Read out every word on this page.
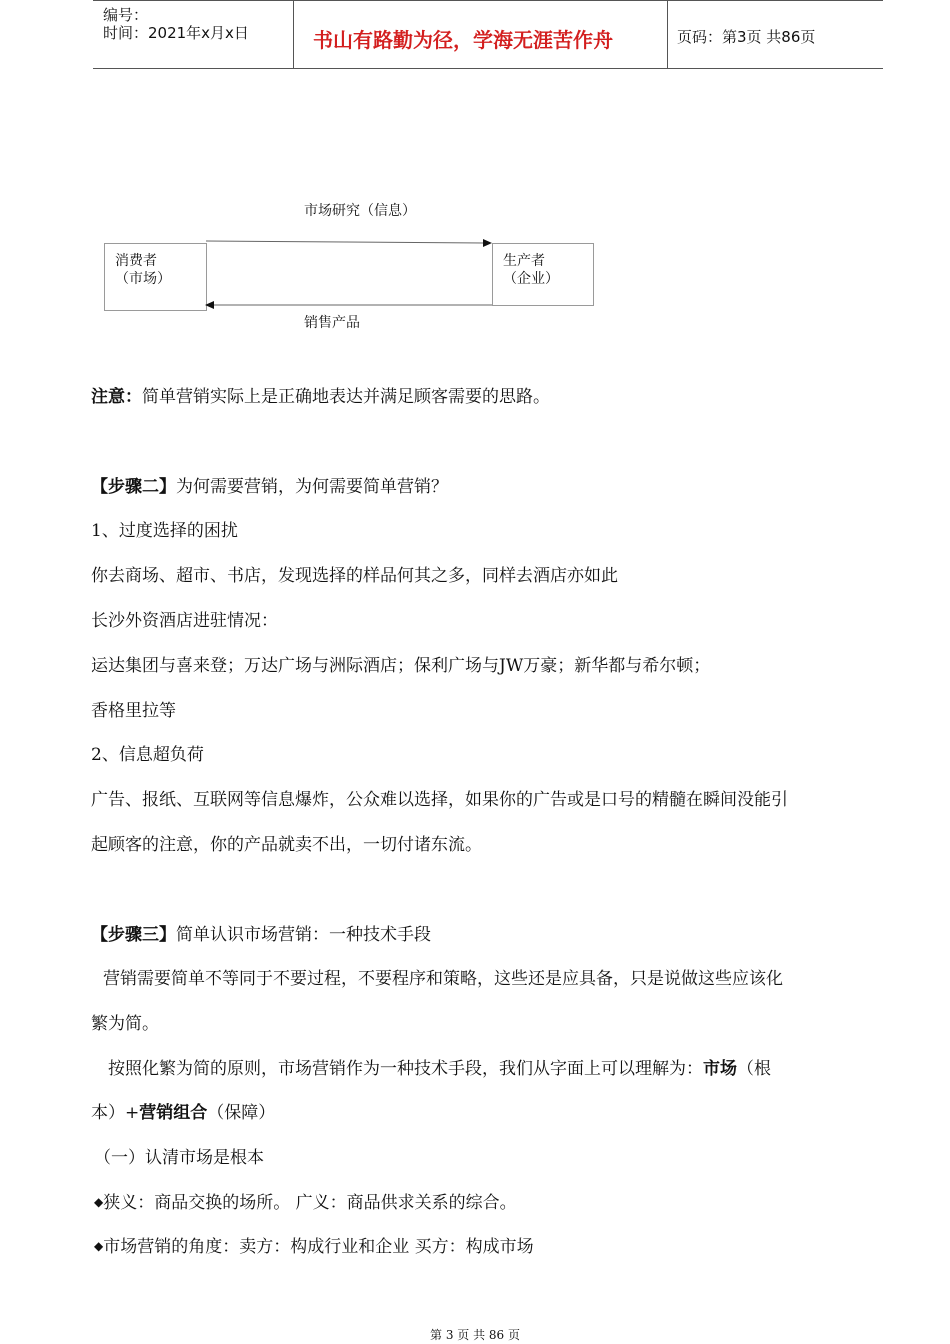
编号：
时间：2021年x月x日	书山有路勤为径，学海无涯苦作舟	页码：第3页 共86页
市场研究（信息）
消费者
（市场）
生产者
（企业）
销售产品
注意：简单营销实际上是正确地表达并满足顾客需要的思路。
【步骤二】为何需要营销，为何需要简单营销？
1、过度选择的困扰
你去商场、超市、书店，发现选择的样品何其之多，同样去酒店亦如此
长沙外资酒店进驻情况：
运达集团与喜来登；万达广场与洲际酒店；保利广场与JW万豪；新华都与希尔顿；
香格里拉等
2、信息超负荷
广告、报纸、互联网等信息爆炸，公众难以选择，如果你的广告或是口号的精髓在瞬间没能引
起顾客的注意，你的产品就卖不出，一切付诸东流。
【步骤三】简单认识市场营销：一种技术手段
营销需要简单不等同于不要过程，不要程序和策略，这些还是应具备，只是说做这些应该化
繁为简。
按照化繁为简的原则，市场营销作为一种技术手段，我们从字面上可以理解为：市场（根
本）+营销组合（保障）
（一）认清市场是根本
◆狭义：商品交换的场所。 广义：商品供求关系的综合。
◆市场营销的角度：卖方：构成行业和企业 买方：构成市场
第 3 页 共 86 页
